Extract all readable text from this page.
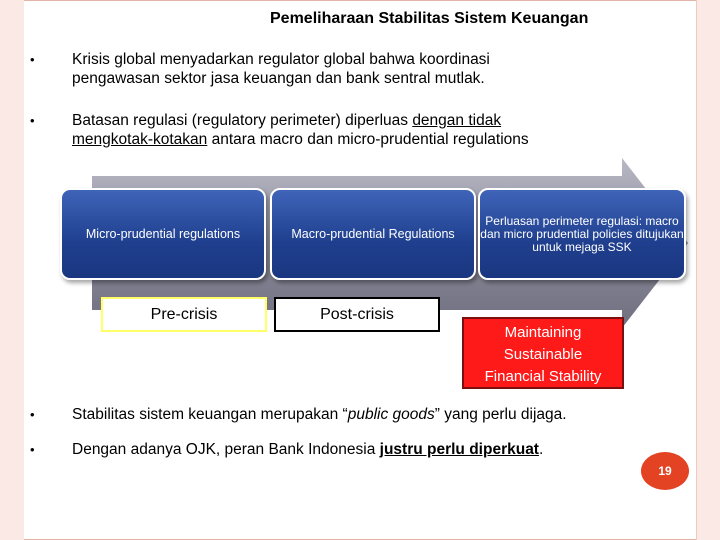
Pemeliharaan Stabilitas Sistem Keuangan
• Krisis global menyadarkan regulator global bahwa koordinasi
pengawasan sektor jasa keuangan dan bank sentral mutlak.
• Batasan regulasi (regulatory perimeter) diperluas dengan tidak
mengkotak-kotakan antara macro dan micro-prudential regulations
Micro-prudential regulations	Macro-prudential Regulations
Perluasan perimeter regulasi: macro dan micro prudential policies ditujukan untuk mejaga SSK
Pre-crisis	Post-crisis
Maintaining
Sustainable
Financial Stability
• Stabilitas sistem keuangan merupakan “public goods” yang perlu dijaga.
• Dengan adanya OJK, peran Bank Indonesia justru perlu diperkuat.
19
